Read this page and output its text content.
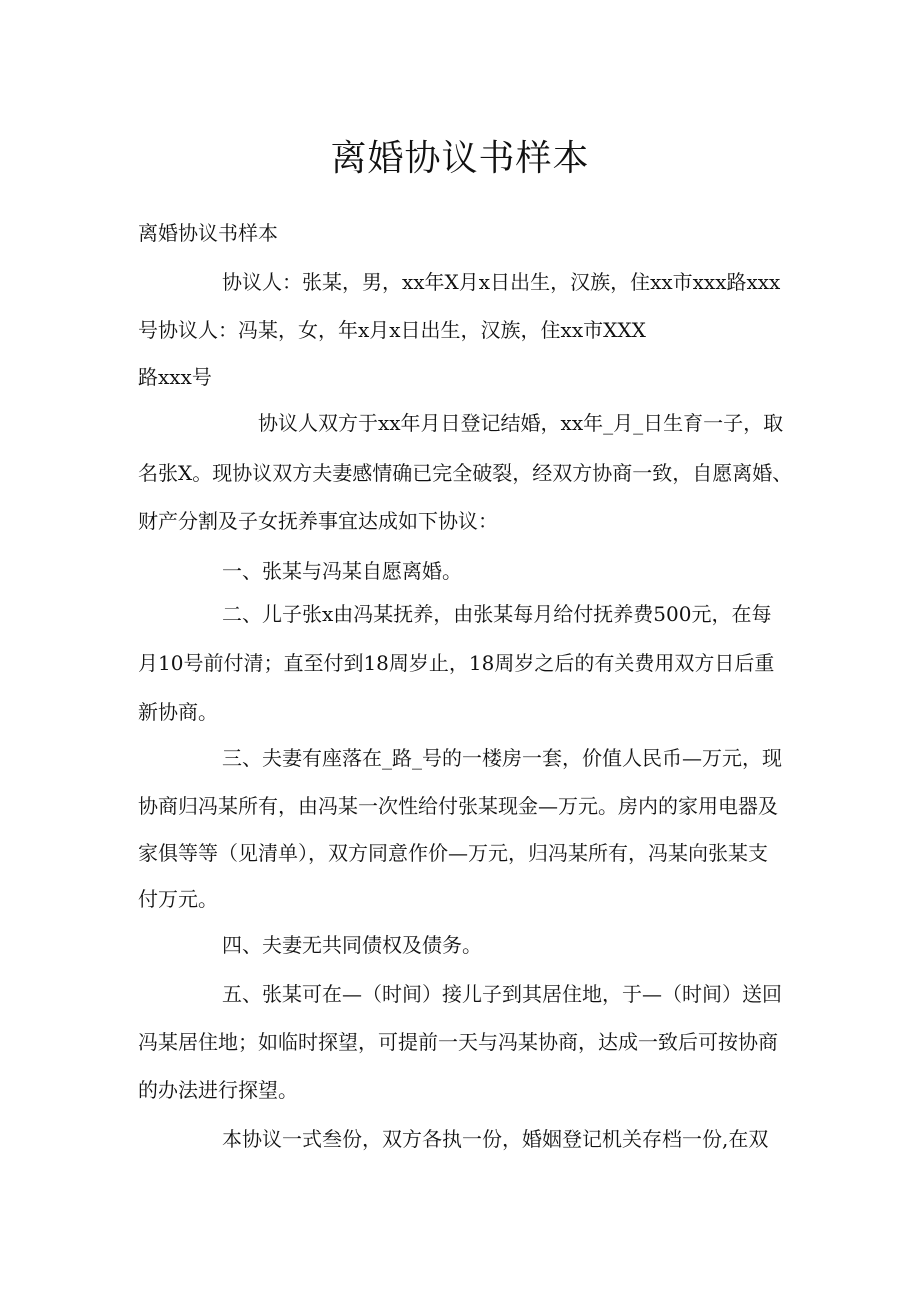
离婚协议书样本

离婚协议书样本

协议人：张某，男，xx年X月x日出生，汉族，住xx市xxx路xxx

号协议人：冯某，女，年x月x日出生，汉族，住xx市XXX

路xxx号

协议人双方于xx年月日登记结婚，xx年_月_日生育一子，取

名张X。现协议双方夫妻感情确已完全破裂，经双方协商一致，自愿离婚、

财产分割及子女抚养事宜达成如下协议：

一、张某与冯某自愿离婚。

二、儿子张x由冯某抚养，由张某每月给付抚养费500元，在每

月10号前付清；直至付到18周岁止，18周岁之后的有关费用双方日后重

新协商。

三、夫妻有座落在_路_号的一楼房一套，价值人民币—万元，现

协商归冯某所有，由冯某一次性给付张某现金—万元。房内的家用电器及

家俱等等（见清单），双方同意作价—万元，归冯某所有，冯某向张某支

付万元。

四、夫妻无共同债权及债务。

五、张某可在—（时间）接儿子到其居住地，于—（时间）送回

冯某居住地；如临时探望，可提前一天与冯某协商，达成一致后可按协商

的办法进行探望。

本协议一式叁份，双方各执一份，婚姻登记机关存档一份,在双
